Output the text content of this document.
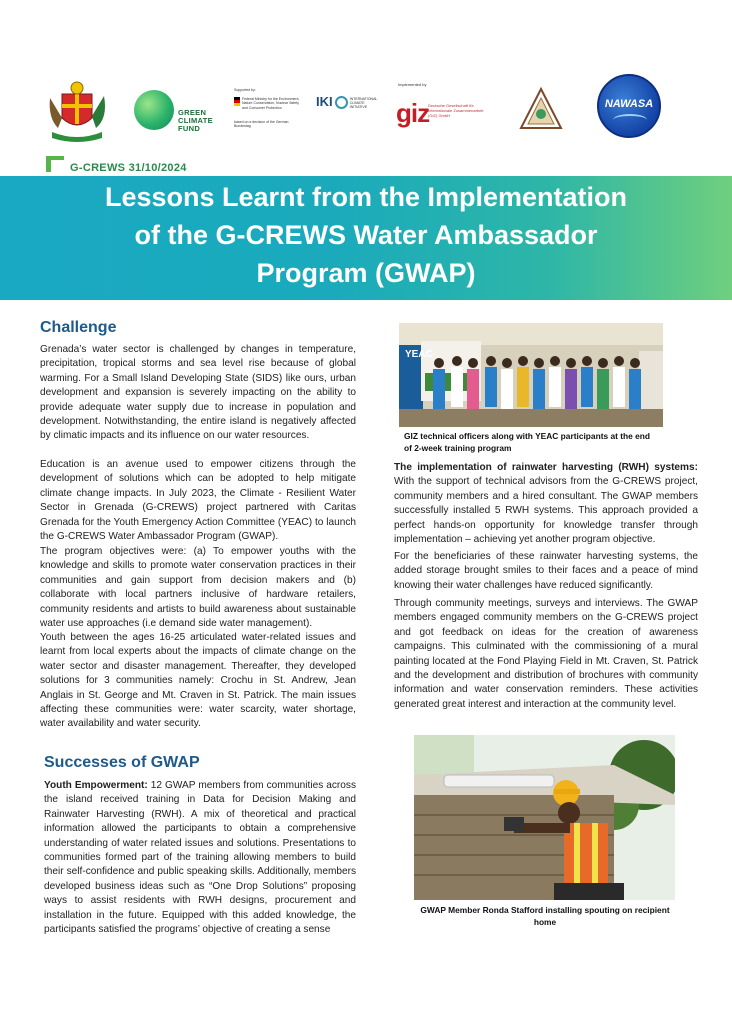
GREEN
CLIMATE
FUND
Supported by:
Federal Ministry for the Environment, Nature Conservation, Nuclear Safety and Consumer Protection
based on a decision of the German Bundestag
IKI	INTERNATIONAL CLIMATE INITIATIVE
Implemented by
giz
Deutsche Gesellschaft für Internationale Zusammenarbeit (GIZ) GmbH
NAWASA
G-CREWS 31/10/2024
Lessons Learnt from the Implementation
of the G-CREWS Water Ambassador
Program (GWAP)
Challenge

Grenada’s water sector is challenged by changes in temperature, precipitation, tropical storms and sea level rise because of global warming. For a Small Island Developing State (SIDS) like ours, urban development and expansion is severely impacting on the ability to provide adequate water supply due to increase in population and development. Notwithstanding, the entire island is negatively affected by climatic impacts and its influence on our water resources.

Education is an avenue used to empower citizens through the development of solutions which can be adopted to help mitigate climate change impacts. In July 2023, the Climate - Resilient Water Sector in Grenada (G-CREWS) project partnered with Caritas Grenada for the Youth Emergency Action Committee (YEAC) to launch the G-CREWS Water Ambassador Program (GWAP).

The program objectives were: (a) To empower youths with the knowledge and skills to promote water conservation practices in their communities and gain support from decision makers and (b) collaborate with local partners inclusive of hardware retailers, community residents and artists to build awareness about sustainable water use approaches (i.e demand side water management).

Youth between the ages 16-25 articulated water-related issues and learnt from local experts about the impacts of climate change on the water sector and disaster management. Thereafter, they developed solutions for 3 communities namely: Crochu in St. Andrew, Jean Anglais in St. George and Mt. Craven in St. Patrick. The main issues affecting these communities were: water scarcity, water shortage, water availability and water security.

Successes of GWAP

Youth Empowerment: 12 GWAP members from communities across the island received training in Data for Decision Making and Rainwater Harvesting (RWH). A mix of theoretical and practical information allowed the participants to obtain a comprehensive understanding of water related issues and solutions. Presentations to communities formed part of the training allowing members to build their self-confidence and public speaking skills. Additionally, members developed business ideas such as “One Drop Solutions” proposing ways to assist residents with RWH designs, procurement and installation in the future. Equipped with this added knowledge, the participants satisfied the programs’ objective of creating a sense

YEAC
GIZ technical officers along with YEAC participants at the end of 2-week training program

The implementation of rainwater harvesting (RWH) systems: With the support of technical advisors from the G-CREWS project, community members and a hired consultant. The GWAP members successfully installed 5 RWH systems. This approach provided a perfect hands-on opportunity for knowledge transfer through implementation – achieving yet another program objective.

For the beneficiaries of these rainwater harvesting systems, the added storage brought smiles to their faces and a peace of mind knowing their water challenges have reduced significantly.

Through community meetings, surveys and interviews. The GWAP members engaged community members on the G-CREWS project and got feedback on ideas for the creation of awareness campaigns. This culminated with the commissioning of a mural painting located at the Fond Playing Field in Mt. Craven, St. Patrick and the development and distribution of brochures with community information and water conservation reminders. These activities generated great interest and interaction at the community level.

GWAP Member Ronda Stafford installing spouting on recipient home
